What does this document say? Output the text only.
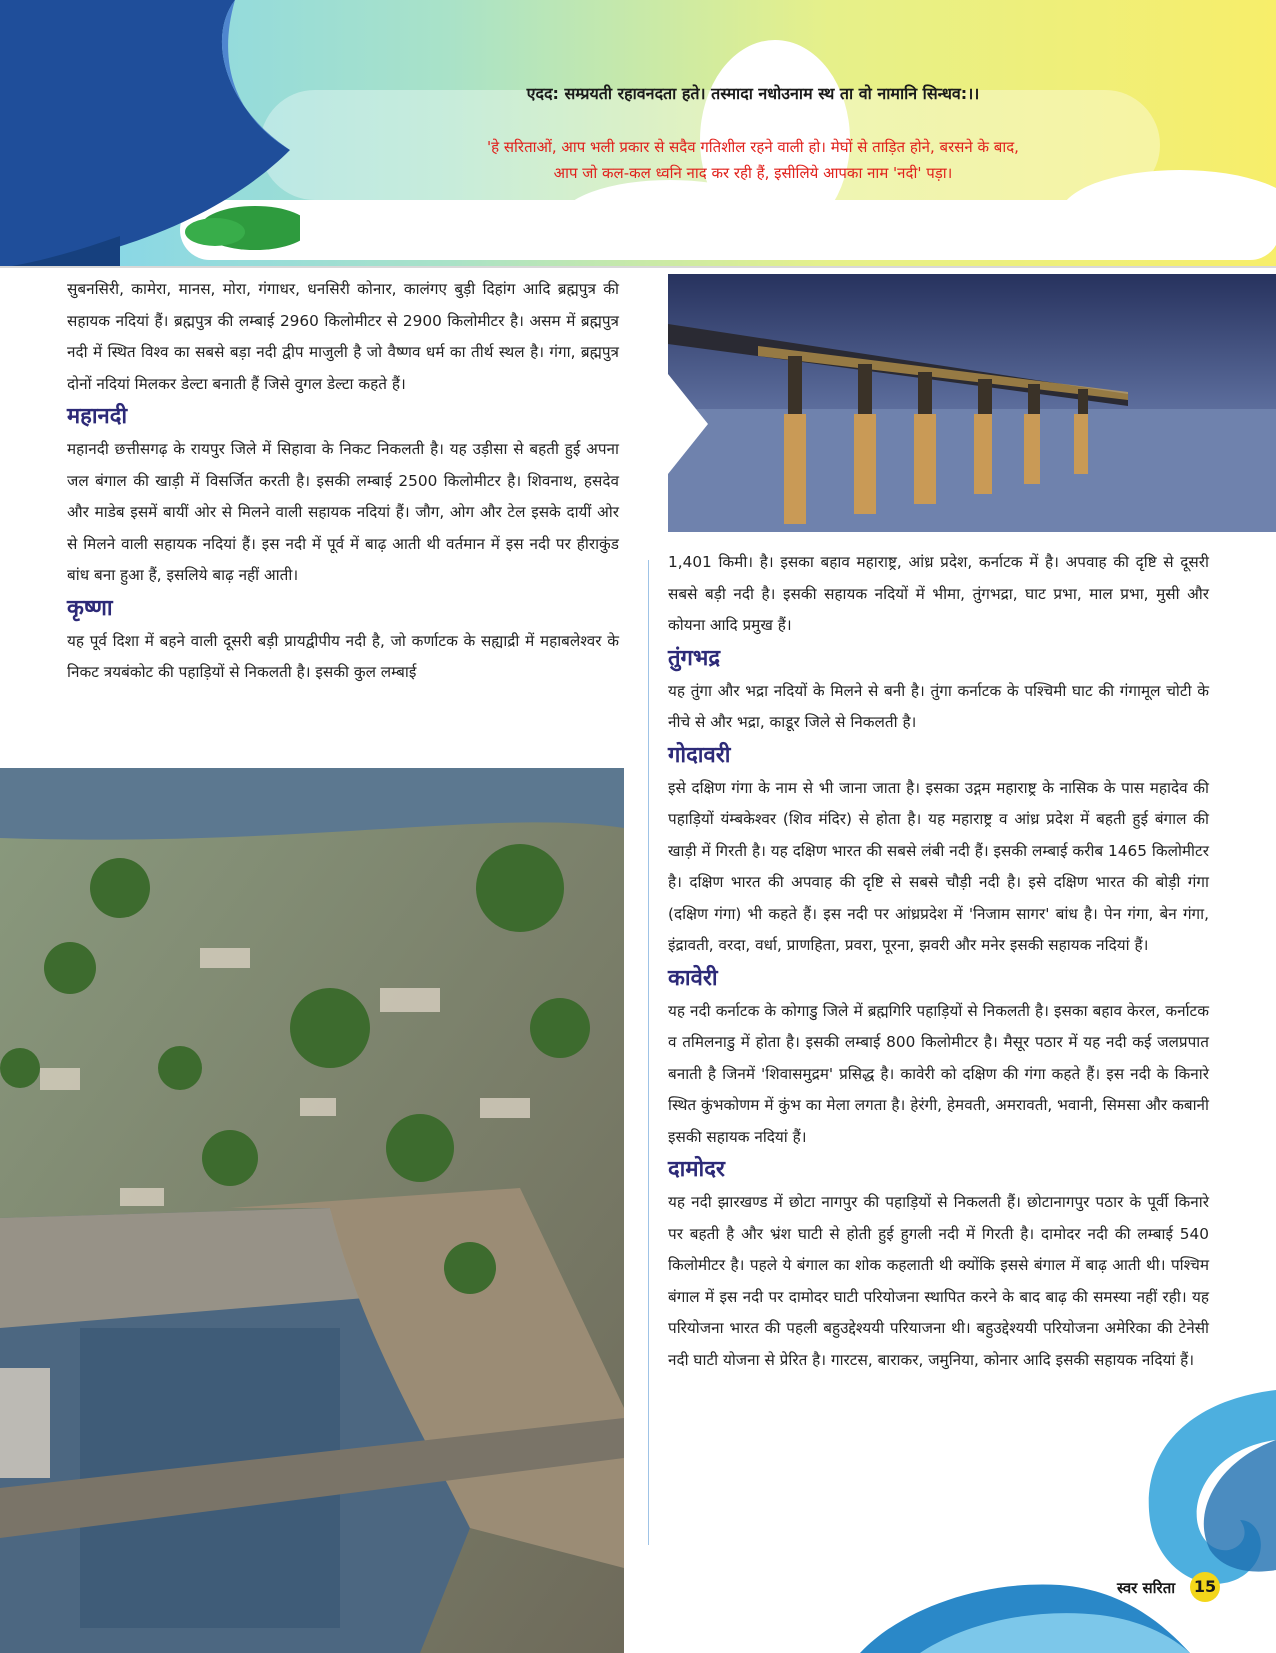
एदद: सम्प्रयती रहावनदता हते। तस्मादा नधोउनाम स्थ ता वो नामानि सिन्धव:।।
'हे सरिताओं, आप भली प्रकार से सदैव गतिशील रहने वाली हो। मेघों से ताड़ित होने, बरसने के बाद,
आप जो कल-कल ध्वनि नाद कर रही हैं, इसीलिये आपका नाम 'नदी' पड़ा।

सुबनसिरी, कामेरा, मानस, मोरा, गंगाधर, धनसिरी कोनार, कालंगए बुड़ी दिहांग आदि ब्रह्मपुत्र की सहायक नदियां हैं। ब्रह्मपुत्र की लम्बाई 2960 किलोमीटर से 2900 किलोमीटर है। असम में ब्रह्मपुत्र नदी में स्थित विश्व का सबसे बड़ा नदी द्वीप माजुली है जो वैष्णव धर्म का तीर्थ स्थल है। गंगा, ब्रह्मपुत्र दोनों नदियां मिलकर डेल्टा बनाती हैं जिसे वुगल डेल्टा कहते हैं।

महानदी

महानदी छत्तीसगढ़ के रायपुर जिले में सिहावा के निकट निकलती है। यह उड़ीसा से बहती हुई अपना जल बंगाल की खाड़ी में विसर्जित करती है। इसकी लम्बाई 2500 किलोमीटर है। शिवनाथ, हसदेव और माडेब इसमें बायीं ओर से मिलने वाली सहायक नदियां हैं। जौग, ओग और टेल इसके दायीं ओर से मिलने वाली सहायक नदियां हैं। इस नदी में पूर्व में बाढ़ आती थी वर्तमान में इस नदी पर हीराकुंड बांध बना हुआ हैं, इसलिये बाढ़ नहीं आती।

कृष्णा

यह पूर्व दिशा में बहने वाली दूसरी बड़ी प्रायद्वीपीय नदी है, जो कर्णाटक के सह्याद्री में महाबलेश्वर के निकट त्रयबंकोट की पहाड़ियों से निकलती है। इसकी कुल लम्बाई

1,401 किमी। है। इसका बहाव महाराष्ट्र, आंध्र प्रदेश, कर्नाटक में है। अपवाह की दृष्टि से दूसरी सबसे बड़ी नदी है। इसकी सहायक नदियों में भीमा, तुंगभद्रा, घाट प्रभा, माल प्रभा, मुसी और कोयना आदि प्रमुख हैं।

तुंगभद्र

यह तुंगा और भद्रा नदियों के मिलने से बनी है। तुंगा कर्नाटक के पश्चिमी घाट की गंगामूल चोटी के नीचे से और भद्रा, काडूर जिले से निकलती है।

गोदावरी

इसे दक्षिण गंगा के नाम से भी जाना जाता है। इसका उद्गम महाराष्ट्र के नासिक के पास महादेव की पहाड़ियों यंम्बकेश्वर (शिव मंदिर) से होता है। यह महाराष्ट्र व आंध्र प्रदेश में बहती हुई बंगाल की खाड़ी में गिरती है। यह दक्षिण भारत की सबसे लंबी नदी हैं। इसकी लम्बाई करीब 1465 किलोमीटर है। दक्षिण भारत की अपवाह की दृष्टि से सबसे चौड़ी नदी है। इसे दक्षिण भारत की बोड़ी गंगा (दक्षिण गंगा) भी कहते हैं। इस नदी पर आंध्रप्रदेश में 'निजाम सागर' बांध है। पेन गंगा, बेन गंगा, इंद्रावती, वरदा, वर्धा, प्राणहिता, प्रवरा, पूरना, झवरी और मनेर इसकी सहायक नदियां हैं।

कावेरी

यह नदी कर्नाटक के कोगाडु जिले में ब्रह्मगिरि पहाड़ियों से निकलती है। इसका बहाव केरल, कर्नाटक व तमिलनाडु में होता है। इसकी लम्बाई 800 किलोमीटर है। मैसूर पठार में यह नदी कई जलप्रपात बनाती है जिनमें 'शिवासमुद्रम' प्रसिद्ध है। कावेरी को दक्षिण की गंगा कहते हैं। इस नदी के किनारे स्थित कुंभकोणम में कुंभ का मेला लगता है। हेरंगी, हेमवती, अमरावती, भवानी, सिमसा और कबानी इसकी सहायक नदियां हैं।

दामोदर

यह नदी झारखण्ड में छोटा नागपुर की पहाड़ियों से निकलती हैं। छोटानागपुर पठार के पूर्वी किनारे पर बहती है और भ्रंश घाटी से होती हुई हुगली नदी में गिरती है। दामोदर नदी की लम्बाई 540 किलोमीटर है। पहले ये बंगाल का शोक कहलाती थी क्योंकि इससे बंगाल में बाढ़ आती थी। पश्चिम बंगाल में इस नदी पर दामोदर घाटी परियोजना स्थापित करने के बाद बाढ़ की समस्या नहीं रही। यह परियोजना भारत की पहली बहुउद्देश्ययी परियाजना थी। बहुउद्देश्ययी परियोजना अमेरिका की टेनेसी नदी घाटी योजना से प्रेरित है। गारटस, बाराकर, जमुनिया, कोनार आदि इसकी सहायक नदियां हैं।

स्वर सरिता 15
